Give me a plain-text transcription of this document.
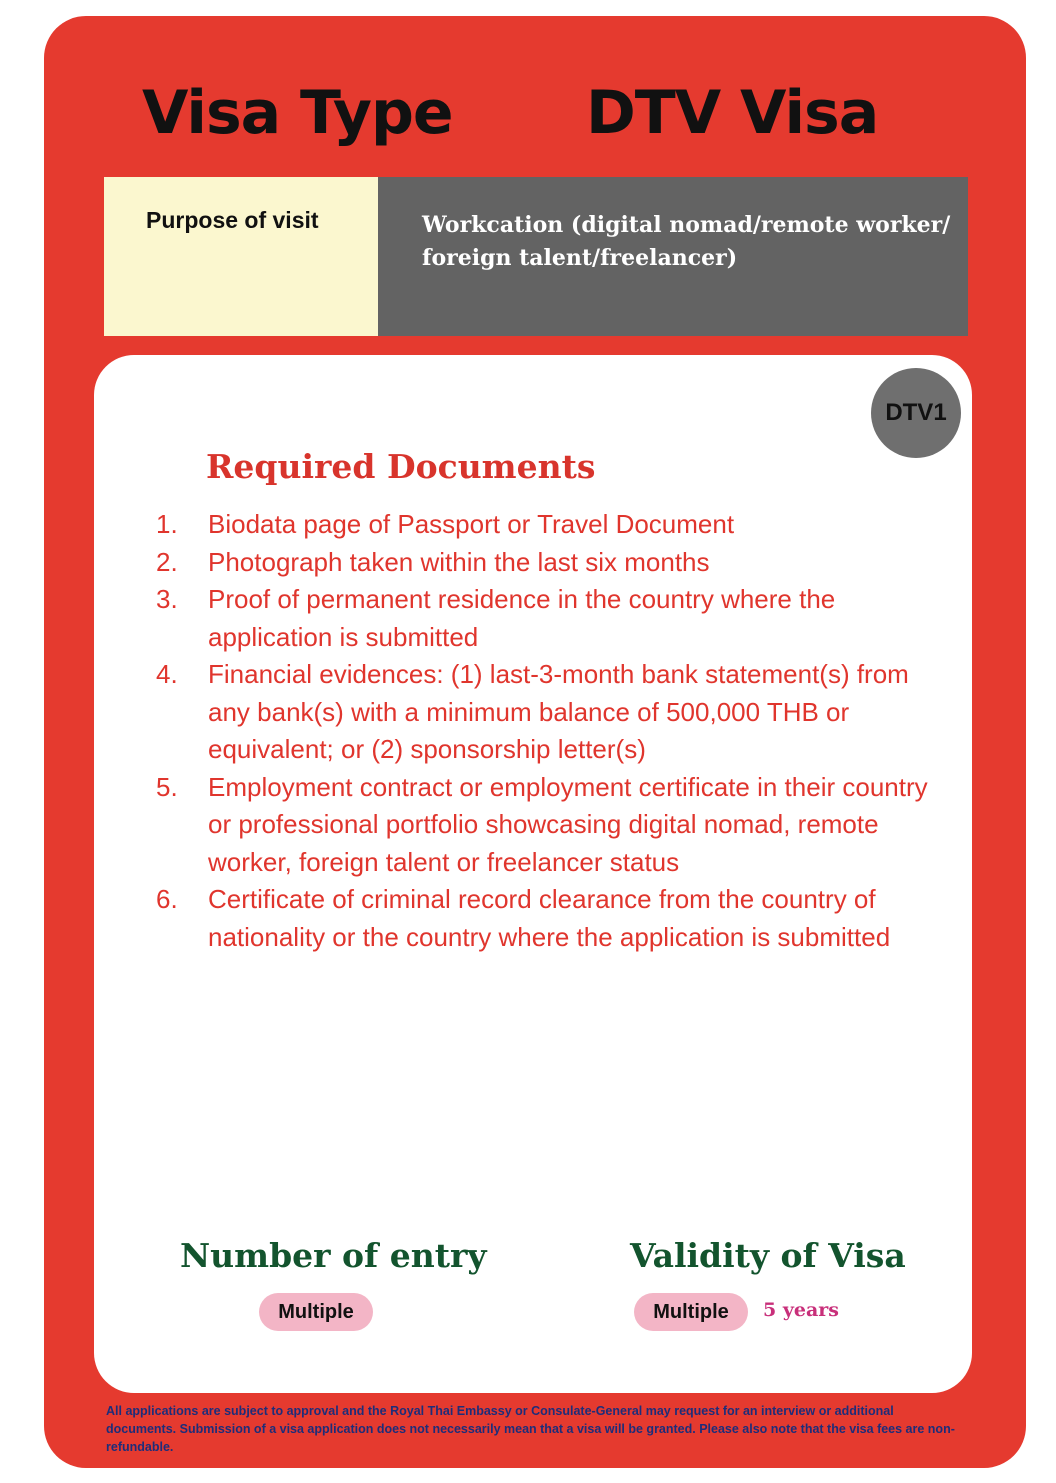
Visa Type DTV Visa
Purpose of visit	Workcation (digital nomad/remote worker/ foreign talent/freelancer)
DTV1
Required Documents
1. Biodata page of Passport or Travel Document
2. Photograph taken within the last six months
3. Proof of permanent residence in the country where the application is submitted
4. Financial evidences: (1) last-3-month bank statement(s) from any bank(s) with a minimum balance of 500,000 THB or equivalent; or (2) sponsorship letter(s)
5. Employment contract or employment certificate in their country or professional portfolio showcasing digital nomad, remote worker, foreign talent or freelancer status
6. Certificate of criminal record clearance from the country of nationality or the country where the application is submitted
Number of entry	Validity of Visa
Multiple	Multiple 5 years
All applications are subject to approval and the Royal Thai Embassy or Consulate-General may request for an interview or additional documents. Submission of a visa application does not necessarily mean that a visa will be granted. Please also note that the visa fees are non-refundable.
